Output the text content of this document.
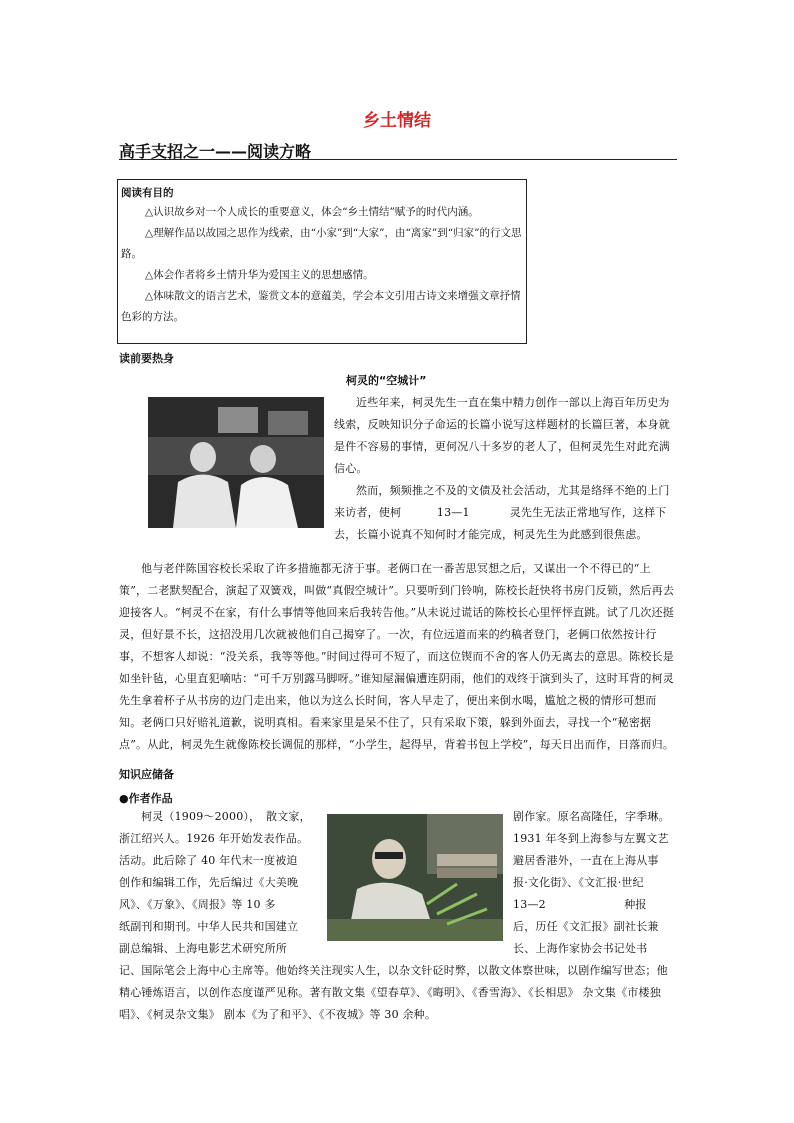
乡土情结
高手支招之一——阅读方略
阅读有目的

△认识故乡对一个人成长的重要意义，体会“乡土情结”赋予的时代内涵。

△理解作品以故园之思作为线索，由“小家”到“大家”，由“离家”到“归家”的行文思路。

△体会作者将乡土情升华为爱国主义的思想感情。

△体味散文的语言艺术，鉴赏文本的意蕴美，学会本文引用古诗文来增强文章抒情色彩的方法。

读前要热身
柯灵的“空城计”

近些年来，柯灵先生一直在集中精力创作一部以上海百年历史为线索，反映知识分子命运的长篇小说写这样题材的长篇巨著，本身就是件不容易的事情，更何况八十多岁的老人了，但柯灵先生对此充满信心。

然而，频频推之不及的文债及社会活动，尤其是络绎不绝的上门来访者，使柯	13—1	灵先生无法正常地写作，这样下去，长篇小说真不知何时才能完成，柯灵先生为此感到很焦虑。

他与老伴陈国容校长采取了许多措施都无济于事。老俩口在一番苦思冥想之后，又谋出一个不得已的“上策”，二老默契配合，演起了双簧戏，叫做“真假空城计”。只要听到门铃响，陈校长赶快将书房门反锁，然后再去迎接客人。“柯灵不在家，有什么事情等他回来后我转告他。”从未说过谎话的陈校长心里怦怦直跳。试了几次还挺灵，但好景不长，这招没用几次就被他们自己揭穿了。一次，有位远道而来的约稿者登门，老俩口依然按计行事，不想客人却说：“没关系，我等等他。”时间过得可不短了，而这位锲而不舍的客人仍无离去的意思。陈校长是如坐针毡，心里直犯嘀咕：“可千万别露马脚呀。”谁知屋漏偏遭连阴雨，他们的戏终于演到头了，这时耳背的柯灵先生拿着杯子从书房的边门走出来，他以为这么长时间，客人早走了，便出来倒水喝，尴尬之极的情形可想而知。老俩口只好赔礼道歉，说明真相。看来家里是呆不住了，只有采取下策，躲到外面去，寻找一个“秘密据点”。从此，柯灵先生就像陈校长调侃的那样，“小学生，起得早，背着书包上学校”，每天日出而作，日落而归。

知识应储备
●作者作品

柯灵（1909～2000），　散文家，

浙江绍兴人。1926 年开始发表作品。

活动。此后除了 40 年代末一度被迫

创作和编辑工作，先后编过《大美晚

风》、《万象》、《周报》等 10 多

纸副刊和期刊。中华人民共和国建立

副总编辑、上海电影艺术研究所所

剧作家。原名高隆任，字季琳。

1931 年冬到上海参与左翼文艺

避居香港外，一直在上海从事

报·文化街》、《文汇报·世纪

13—2　　　　　　　种报

后，历任《文汇报》副社长兼

长、上海作家协会书记处书

记、国际笔会上海中心主席等。他始终关注现实人生，以杂文针砭时弊，以散文体察世味，以剧作编写世态；他精心锤炼语言，以创作态度谨严见称。著有散文集《望春草》、《晦明》、《香雪海》、《长相思》 杂文集《市楼独唱》、《柯灵杂文集》 剧本《为了和平》、《不夜城》等 30 余种。
